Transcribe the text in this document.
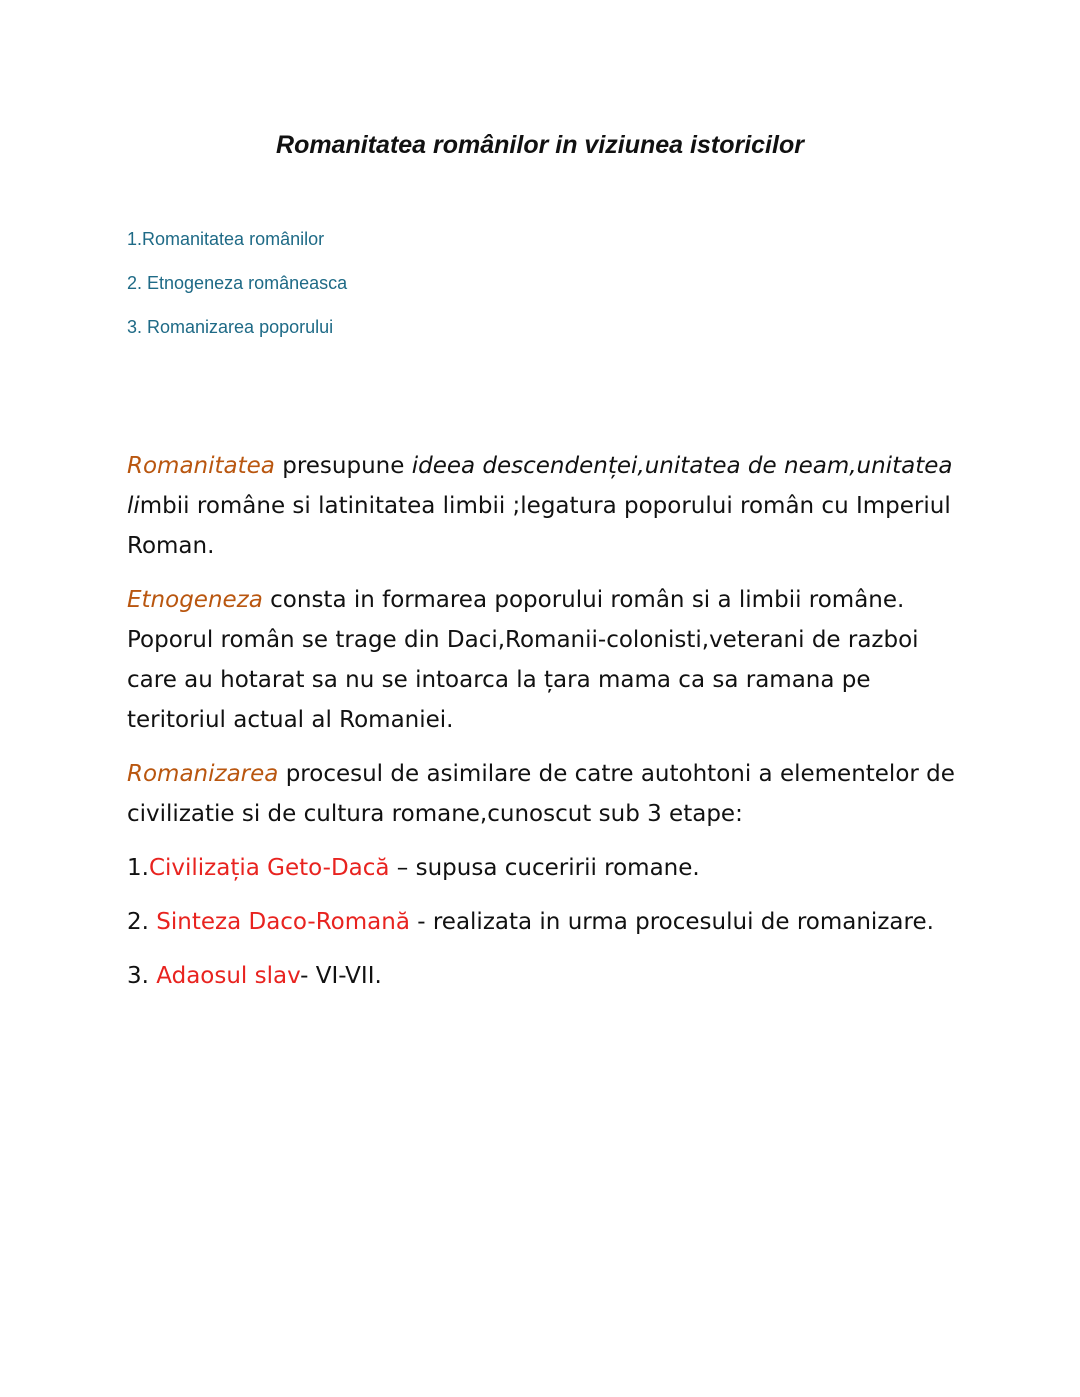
Romanitatea românilor in viziunea istoricilor
1.Romanitatea românilor
2. Etnogeneza româneasca
3. Romanizarea poporului

Romanitatea presupune ideea descendenței,unitatea de neam,unitatea limbii române si latinitatea limbii ;legatura poporului român cu Imperiul Roman.

Etnogeneza consta in formarea poporului român si a limbii române. Poporul român se trage din Daci,Romanii-colonisti,veterani de razboi care au hotarat sa nu se intoarca la țara mama ca sa ramana pe teritoriul actual al Romaniei.

Romanizarea procesul de asimilare de catre autohtoni a elementelor de civilizatie si de cultura romane,cunoscut sub 3 etape:

1.Civilizația Geto-Dacă – supusa cuceririi romane.

2. Sinteza Daco-Romană - realizata in urma procesului de romanizare.

3. Adaosul slav- VI-VII.
